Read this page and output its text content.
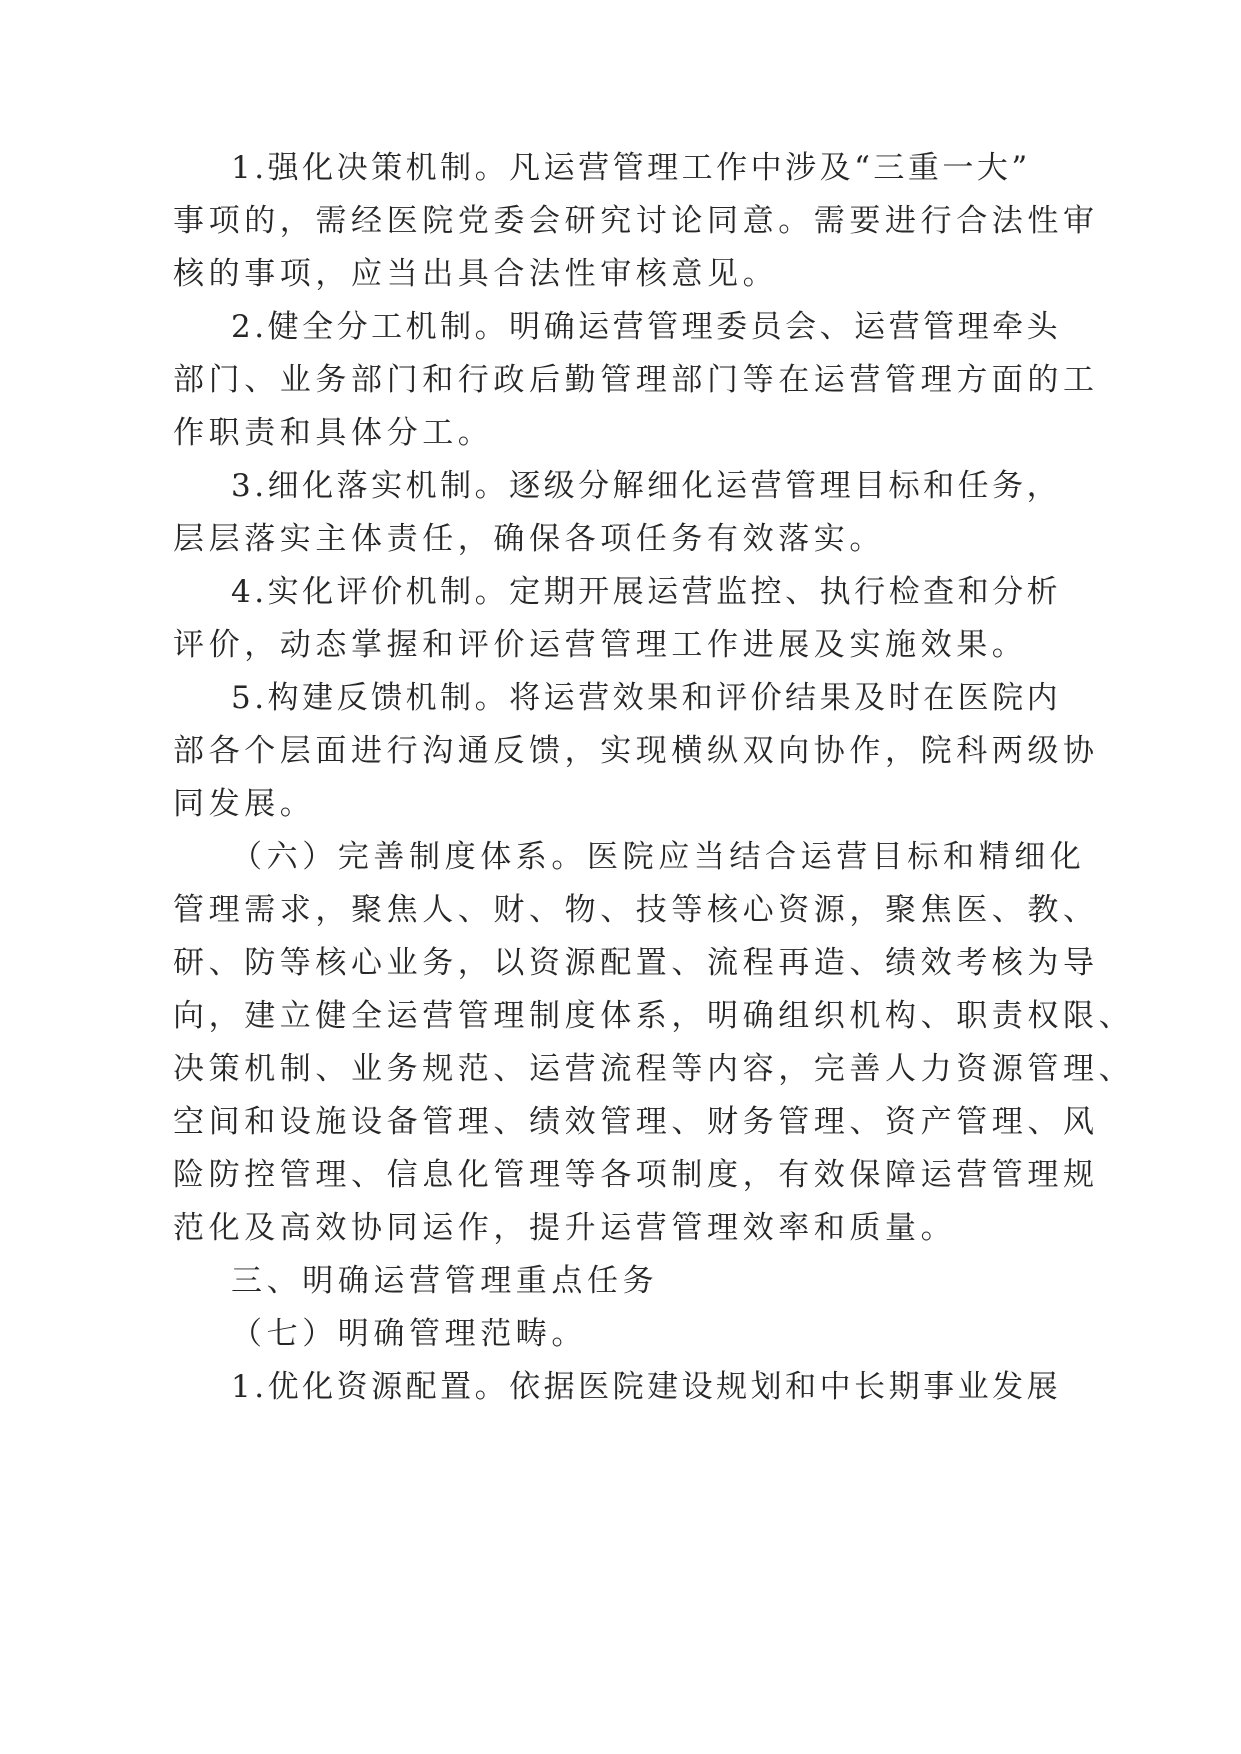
1.强化决策机制。凡运营管理工作中涉及“三重一大”
事项的，需经医院党委会研究讨论同意。需要进行合法性审
核的事项，应当出具合法性审核意见。
2.健全分工机制。明确运营管理委员会、运营管理牵头
部门、业务部门和行政后勤管理部门等在运营管理方面的工
作职责和具体分工。
3.细化落实机制。逐级分解细化运营管理目标和任务，
层层落实主体责任，确保各项任务有效落实。
4.实化评价机制。定期开展运营监控、执行检查和分析
评价，动态掌握和评价运营管理工作进展及实施效果。
5.构建反馈机制。将运营效果和评价结果及时在医院内
部各个层面进行沟通反馈，实现横纵双向协作，院科两级协
同发展。
（六）完善制度体系。医院应当结合运营目标和精细化
管理需求，聚焦人、财、物、技等核心资源，聚焦医、教、
研、防等核心业务，以资源配置、流程再造、绩效考核为导
向，建立健全运营管理制度体系，明确组织机构、职责权限、
决策机制、业务规范、运营流程等内容，完善人力资源管理、
空间和设施设备管理、绩效管理、财务管理、资产管理、风
险防控管理、信息化管理等各项制度，有效保障运营管理规
范化及高效协同运作，提升运营管理效率和质量。
三、明确运营管理重点任务
（七）明确管理范畴。
1.优化资源配置。依据医院建设规划和中长期事业发展
